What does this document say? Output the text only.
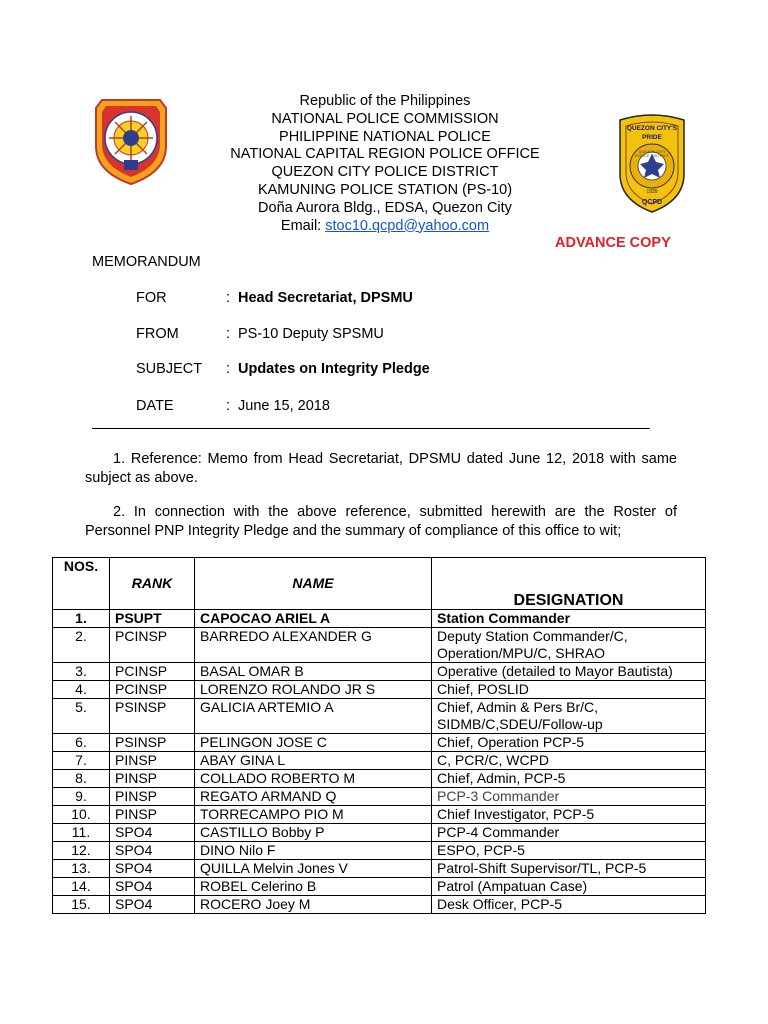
Republic of the Philippines
NATIONAL POLICE COMMISSION
PHILIPPINE NATIONAL POLICE
NATIONAL CAPITAL REGION POLICE OFFICE
QUEZON CITY POLICE DISTRICT
KAMUNING POLICE STATION (PS-10)
Doña Aurora Bldg., EDSA, Quezon City
Email: stoc10.qcpd@yahoo.com
QUEZON CITY'S
PRIDE
1939
QCPD
QUEZON CITY POLICE DISTRICT
ADVANCE COPY
MEMORANDUM
FOR	: Head Secretariat, DPSMU
FROM	: PS-10 Deputy SPSMU
SUBJECT : Updates on Integrity Pledge
DATE	: June 15, 2018
1. Reference: Memo from Head Secretariat, DPSMU dated June 12, 2018 with same subject as above.
2. In connection with the above reference, submitted herewith are the Roster of Personnel PNP Integrity Pledge and the summary of compliance of this office to wit;
NOS.	RANK	NAME	DESIGNATION
1.	PSUPT	CAPOCAO ARIEL A	Station Commander
2.	PCINSP	BARREDO ALEXANDER G	Deputy Station Commander/C, Operation/MPU/C, SHRAO
3.	PCINSP	BASAL OMAR B	Operative (detailed to Mayor Bautista)
4.	PCINSP	LORENZO ROLANDO JR S	Chief, POSLID
5.	PSINSP	GALICIA ARTEMIO A	Chief, Admin & Pers Br/C, SIDMB/C,SDEU/Follow-up
6.	PSINSP	PELINGON JOSE C	Chief, Operation PCP-5
7.	PINSP	ABAY GINA L	C, PCR/C, WCPD
8.	PINSP	COLLADO ROBERTO M	Chief, Admin, PCP-5
9.	PINSP	REGATO ARMAND Q	PCP-3 Commander
10.	PINSP	TORRECAMPO PIO M	Chief Investigator, PCP-5
11.	SPO4	CASTILLO Bobby P	PCP-4 Commander
12.	SPO4	DINO Nilo F	ESPO, PCP-5
13.	SPO4	QUILLA Melvin Jones V	Patrol-Shift Supervisor/TL, PCP-5
14.	SPO4	ROBEL Celerino B	Patrol (Ampatuan Case)
15.	SPO4	ROCERO Joey M	Desk Officer, PCP-5
